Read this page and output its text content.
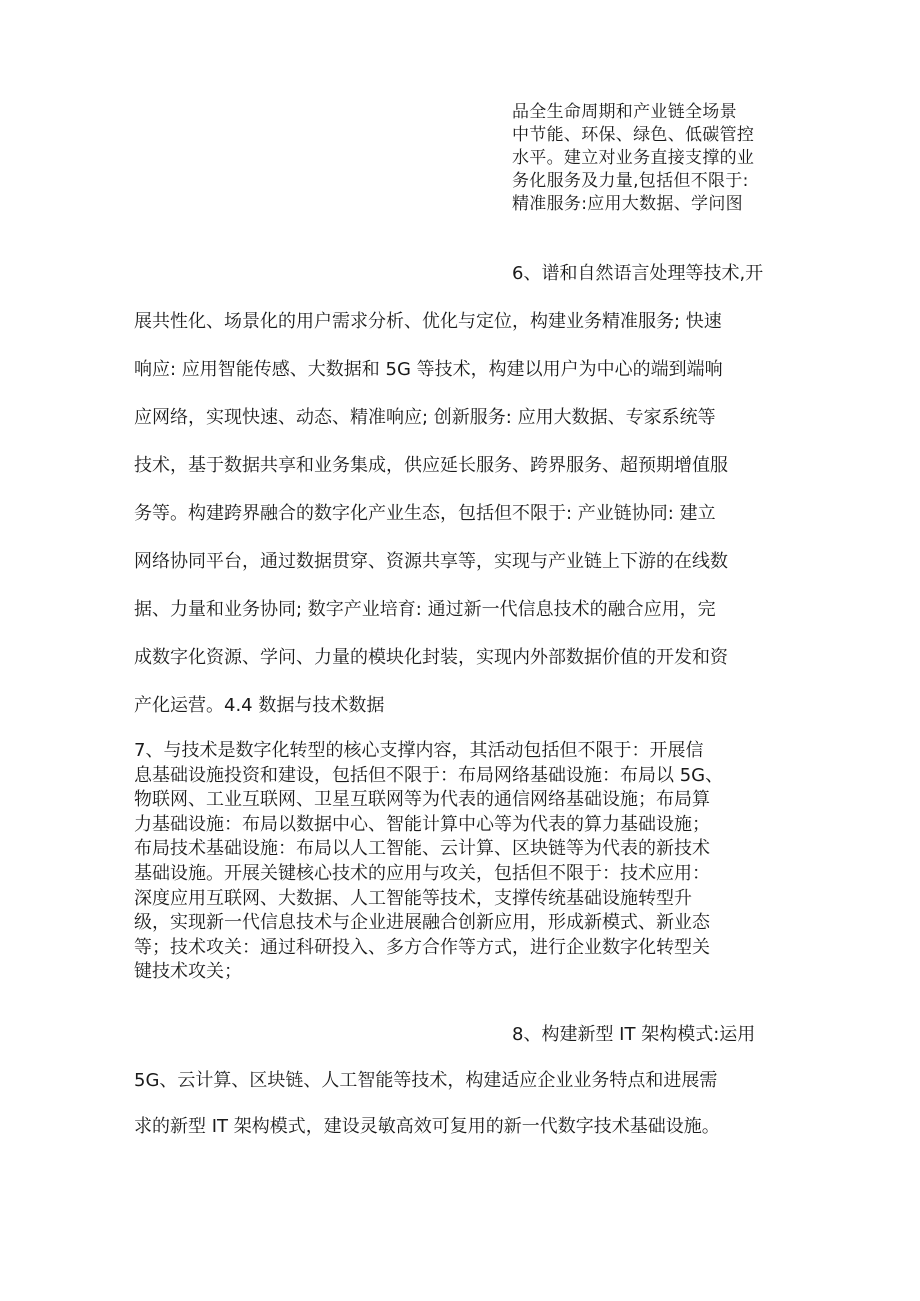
品全生命周期和产业链全场景

中节能、环保、绿色、低碳管控

水平。建立对业务直接支撑的业

务化服务及力量,包括但不限于:

精准服务:应用大数据、学问图

6、谱和自然语言处理等技术,开
展共性化、场景化的用户需求分析、优化与定位，构建业务精准服务; 快速
响应: 应用智能传感、大数据和 5G 等技术，构建以用户为中心的端到端响
应网络，实现快速、动态、精准响应; 创新服务: 应用大数据、专家系统等
技术，基于数据共享和业务集成，供应延长服务、跨界服务、超预期增值服
务等。构建跨界融合的数字化产业生态，包括但不限于: 产业链协同: 建立
网络协同平台，通过数据贯穿、资源共享等，实现与产业链上下游的在线数
据、力量和业务协同; 数字产业培育: 通过新一代信息技术的融合应用，完
成数字化资源、学问、力量的模块化封装，实现内外部数据价值的开发和资
产化运营。4.4 数据与技术数据
7、与技术是数字化转型的核心支撑内容，其活动包括但不限于：开展信
息基础设施投资和建设，包括但不限于：布局网络基础设施：布局以 5G、
物联网、工业互联网、卫星互联网等为代表的通信网络基础设施；布局算
力基础设施：布局以数据中心、智能计算中心等为代表的算力基础设施；
布局技术基础设施：布局以人工智能、云计算、区块链等为代表的新技术
基础设施。开展关键核心技术的应用与攻关，包括但不限于：技术应用：
深度应用互联网、大数据、人工智能等技术，支撑传统基础设施转型升
级，实现新一代信息技术与企业进展融合创新应用，形成新模式、新业态
等；技术攻关：通过科研投入、多方合作等方式，进行企业数字化转型关
键技术攻关；
8、构建新型 IT 架构模式:运用
5G、云计算、区块链、人工智能等技术，构建适应企业业务特点和进展需
求的新型 IT 架构模式，建设灵敏高效可复用的新一代数字技术基础设施。
